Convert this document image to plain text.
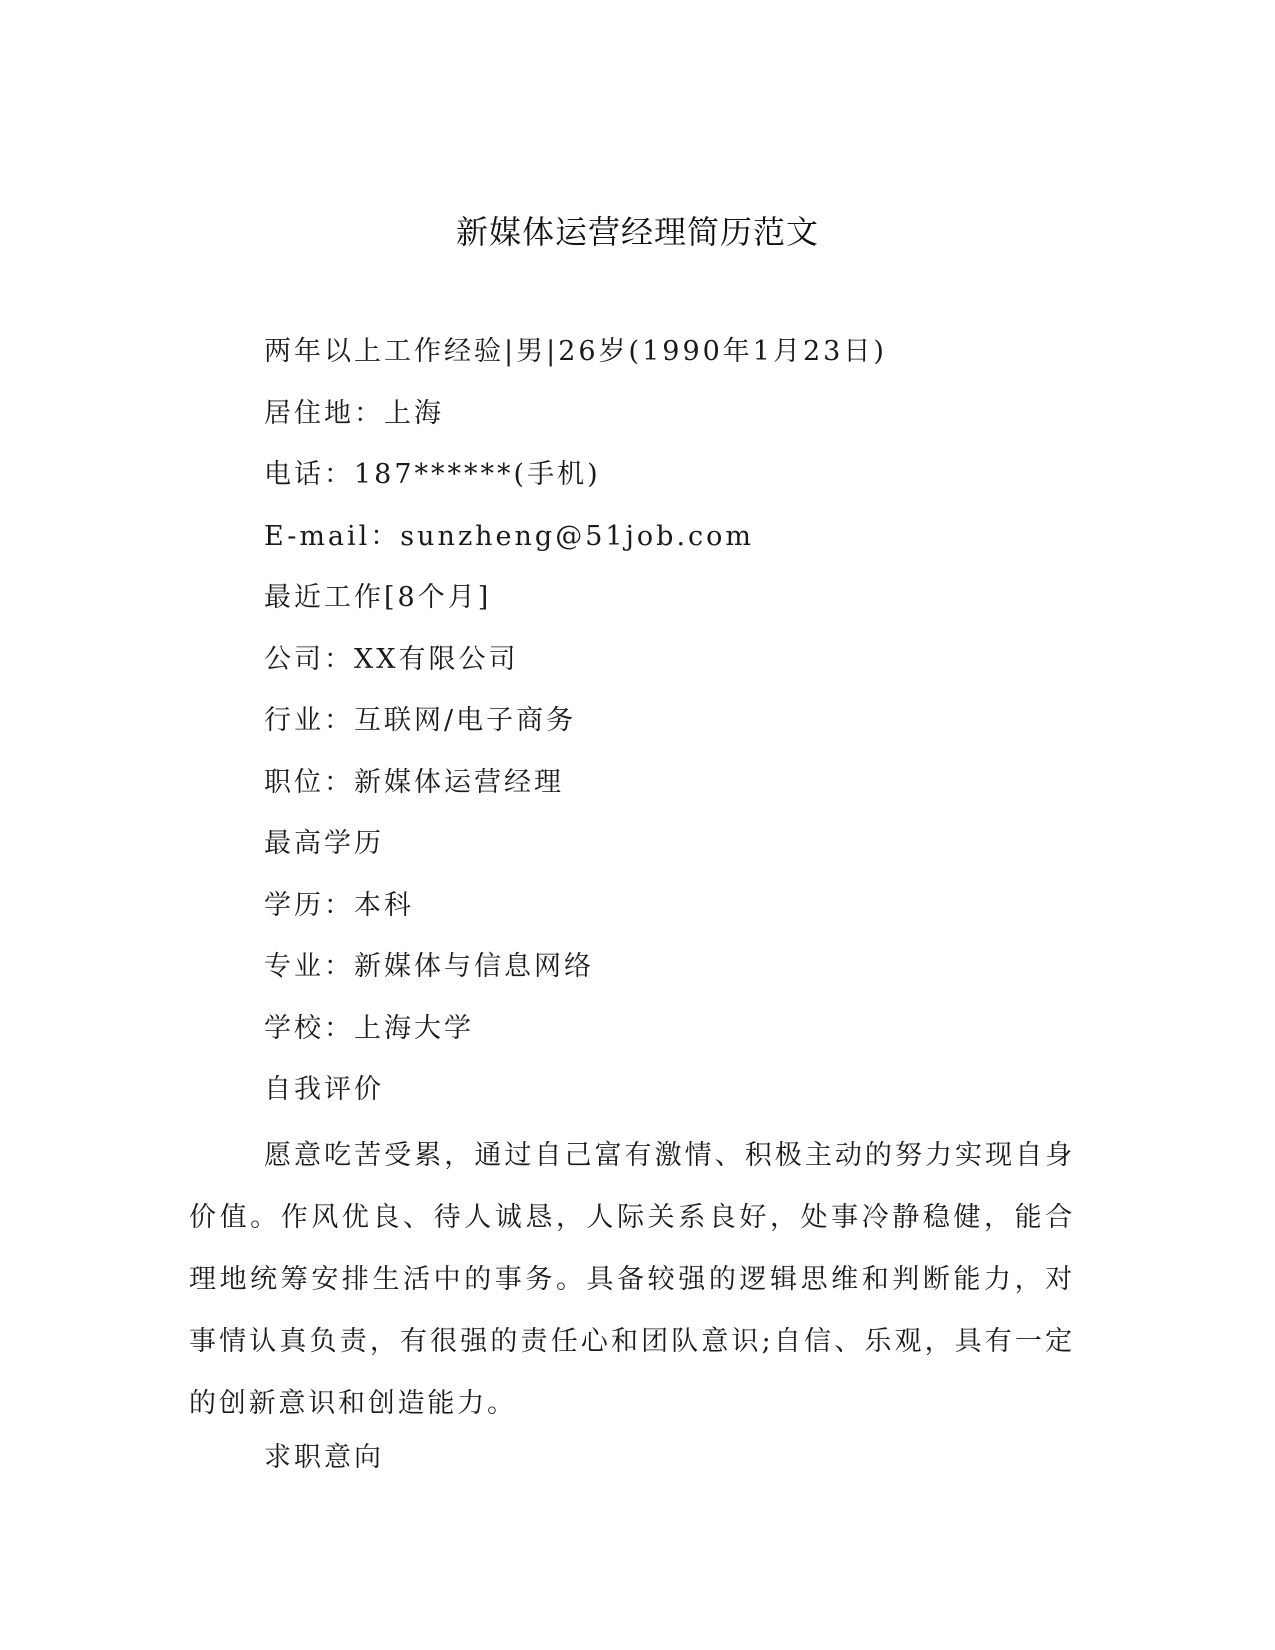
新媒体运营经理简历范文
两年以上工作经验|男|26岁(1990年1月23日)
居住地：上海
电话：187******(手机)
E-mail：sunzheng@51job.com
最近工作[8个月]
公司：XX有限公司
行业：互联网/电子商务
职位：新媒体运营经理
最高学历
学历：本科
专业：新媒体与信息网络
学校：上海大学
自我评价

愿意吃苦受累，通过自己富有激情、积极主动的努力实现自身价值。作风优良、待人诚恳，人际关系良好，处事冷静稳健，能合理地统筹安排生活中的事务。具备较强的逻辑思维和判断能力，对事情认真负责，有很强的责任心和团队意识;自信、乐观，具有一定的创新意识和创造能力。

求职意向
